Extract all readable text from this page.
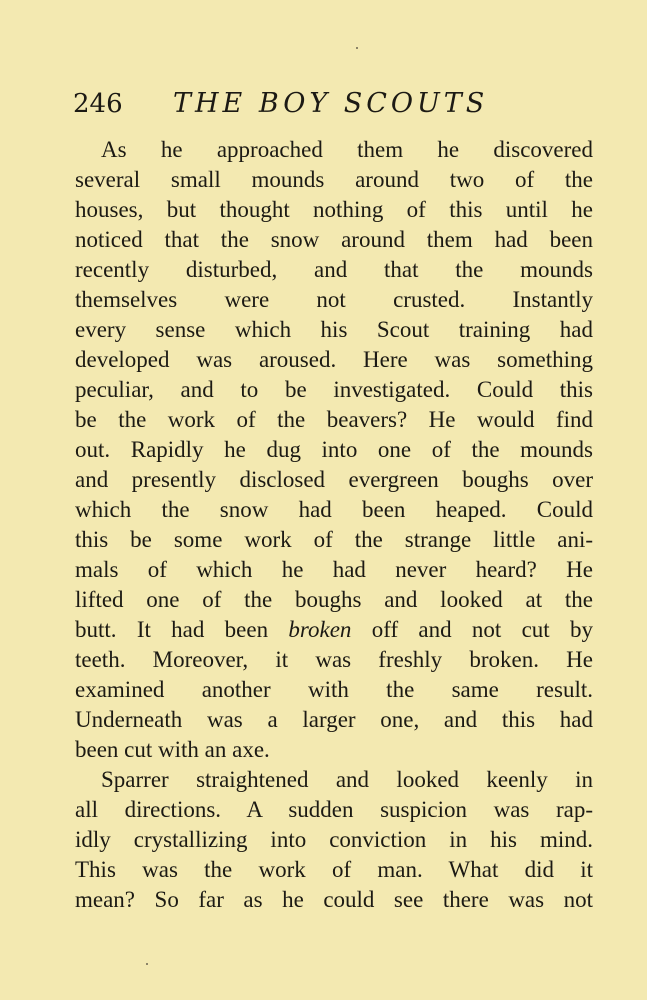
246 THE BOY SCOUTS
As he approached them he discovered
several small mounds around two of the
houses, but thought nothing of this until he
noticed that the snow around them had been
recently disturbed, and that the mounds
themselves were not crusted. Instantly
every sense which his Scout training had
developed was aroused. Here was something
peculiar, and to be investigated. Could this
be the work of the beavers? He would find
out. Rapidly he dug into one of the mounds
and presently disclosed evergreen boughs over
which the snow had been heaped. Could
this be some work of the strange little ani-
mals of which he had never heard? He
lifted one of the boughs and looked at the
butt. It had been broken off and not cut by
teeth. Moreover, it was freshly broken. He
examined another with the same result.
Underneath was a larger one, and this had
been cut with an axe.
Sparrer straightened and looked keenly in
all directions. A sudden suspicion was rap-
idly crystallizing into conviction in his mind.
This was the work of man. What did it
mean? So far as he could see there was not
